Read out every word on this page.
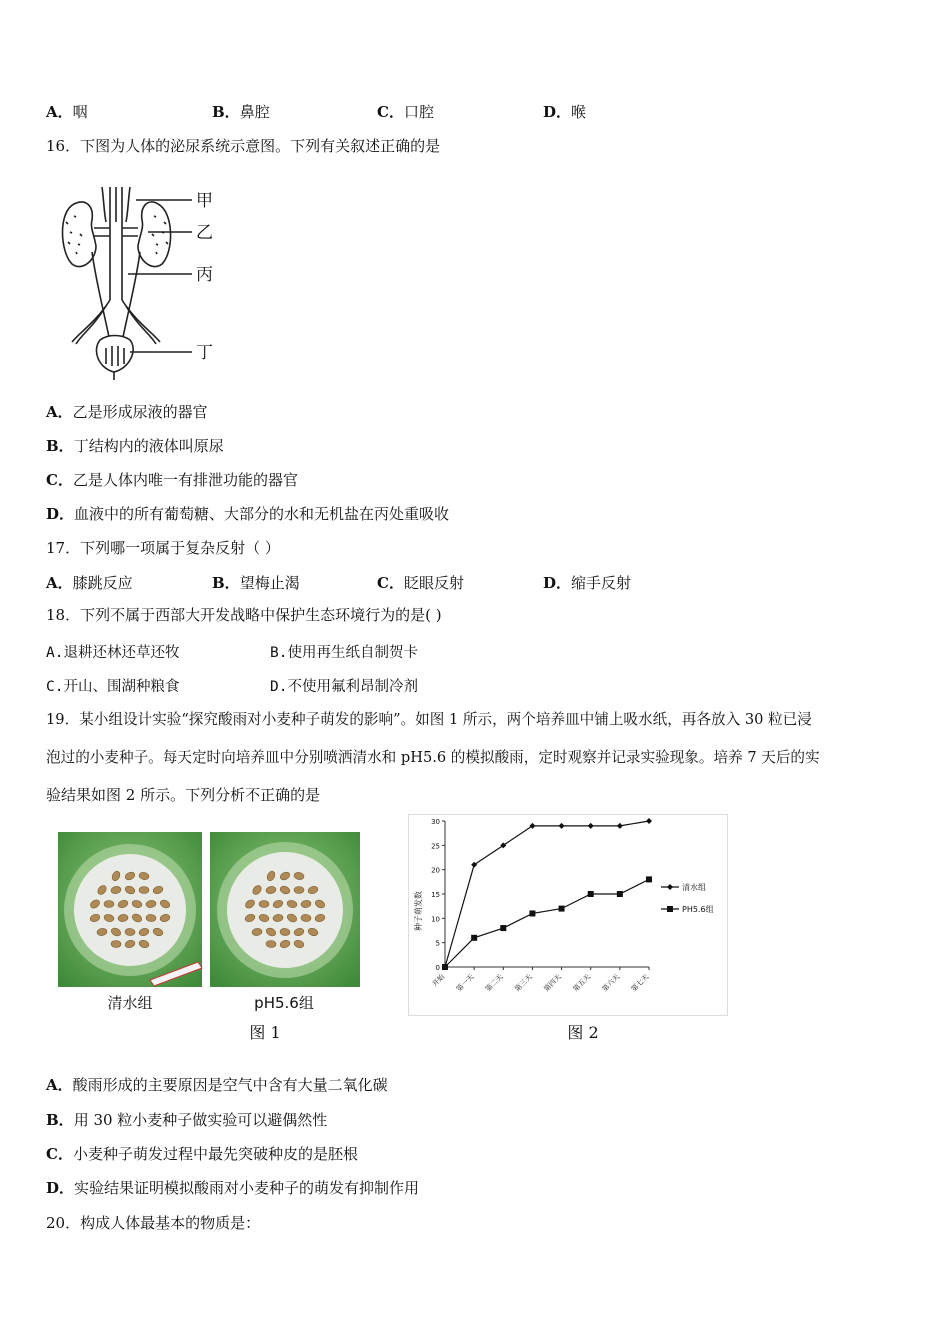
A．咽	B．鼻腔	C．口腔	D．喉
16．下图为人体的泌尿系统示意图。下列有关叙述正确的是
甲
乙
丙
丁
A．乙是形成尿液的器官
B．丁结构内的液体叫原尿
C．乙是人体内唯一有排泄功能的器官
D．血液中的所有葡萄糖、大部分的水和无机盐在丙处重吸收
17．下列哪一项属于复杂反射（ ）
A．膝跳反应	B．望梅止渴	C．眨眼反射	D．缩手反射
18．下列不属于西部大开发战略中保护生态环境行为的是( )
A.退耕还林还草还牧	B.使用再生纸自制贺卡
C.开山、围湖种粮食	D.不使用氟利昂制冷剂
19．某小组设计实验“探究酸雨对小麦种子萌发的影响”。如图 1 所示，两个培养皿中铺上吸水纸，再各放入 30 粒已浸
泡过的小麦种子。每天定时向培养皿中分别喷洒清水和 pH5.6 的模拟酸雨，定时观察并记录实验现象。培养 7 天后的实
验结果如图 2 所示。下列分析不正确的是
清水组	pH5.6组
图 1
种子萌发数
0
5
10
15
20
25
30
开始 第一天 第二天 第三天 第四天 第五天 第六天 第七天
清水组
PH5.6组
图 2
A．酸雨形成的主要原因是空气中含有大量二氧化碳
B．用 30 粒小麦种子做实验可以避偶然性
C．小麦种子萌发过程中最先突破种皮的是胚根
D．实验结果证明模拟酸雨对小麦种子的萌发有抑制作用
20．构成人体最基本的物质是：
